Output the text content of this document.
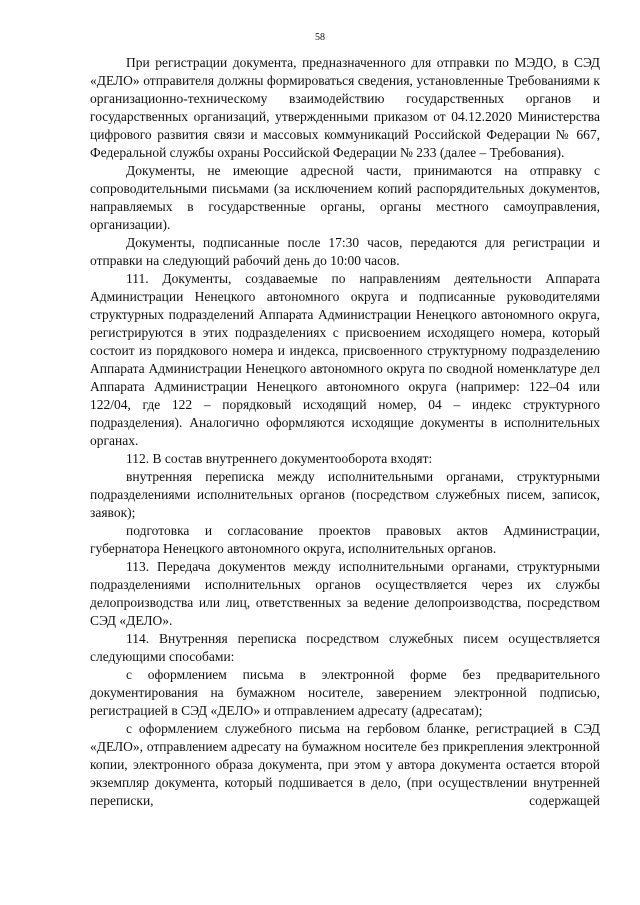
58

При регистрации документа, предназначенного для отправки по МЭДО, в СЭД «ДЕЛО» отправителя должны формироваться сведения, установленные Требованиями к организационно-техническому взаимодействию государственных органов и государственных организаций, утвержденными приказом от 04.12.2020 Министерства цифрового развития связи и массовых коммуникаций Российской Федерации № 667, Федеральной службы охраны Российской Федерации № 233 (далее – Требования).

Документы, не имеющие адресной части, принимаются на отправку с сопроводительными письмами (за исключением копий распорядительных документов, направляемых в государственные органы, органы местного самоуправления, организации).

Документы, подписанные после 17:30 часов, передаются для регистрации и отправки на следующий рабочий день до 10:00 часов.

111. Документы, создаваемые по направлениям деятельности Аппарата Администрации Ненецкого автономного округа и подписанные руководителями структурных подразделений Аппарата Администрации Ненецкого автономного округа, регистрируются в этих подразделениях с присвоением исходящего номера, который состоит из порядкового номера и индекса, присвоенного структурному подразделению Аппарата Администрации Ненецкого автономного округа по сводной номенклатуре дел Аппарата Администрации Ненецкого автономного округа (например: 122–04 или 122/04, где 122 – порядковый исходящий номер, 04 – индекс структурного подразделения). Аналогично оформляются исходящие документы в исполнительных органах.

112. В состав внутреннего документооборота входят:

внутренняя переписка между исполнительными органами, структурными подразделениями исполнительных органов (посредством служебных писем, записок, заявок);

подготовка и согласование проектов правовых актов Администрации, губернатора Ненецкого автономного округа, исполнительных органов.

113. Передача документов между исполнительными органами, структурными подразделениями исполнительных органов осуществляется через их службы делопроизводства или лиц, ответственных за ведение делопроизводства, посредством СЭД «ДЕЛО».

114. Внутренняя переписка посредством служебных писем осуществляется следующими способами:

с оформлением письма в электронной форме без предварительного документирования на бумажном носителе, заверением электронной подписью, регистрацией в СЭД «ДЕЛО» и отправлением адресату (адресатам);

с оформлением служебного письма на гербовом бланке, регистрацией в СЭД «ДЕЛО», отправлением адресату на бумажном носителе без прикрепления электронной копии, электронного образа документа, при этом у автора документа остается второй экземпляр документа, который подшивается в дело, (при осуществлении внутренней переписки, содержащей
